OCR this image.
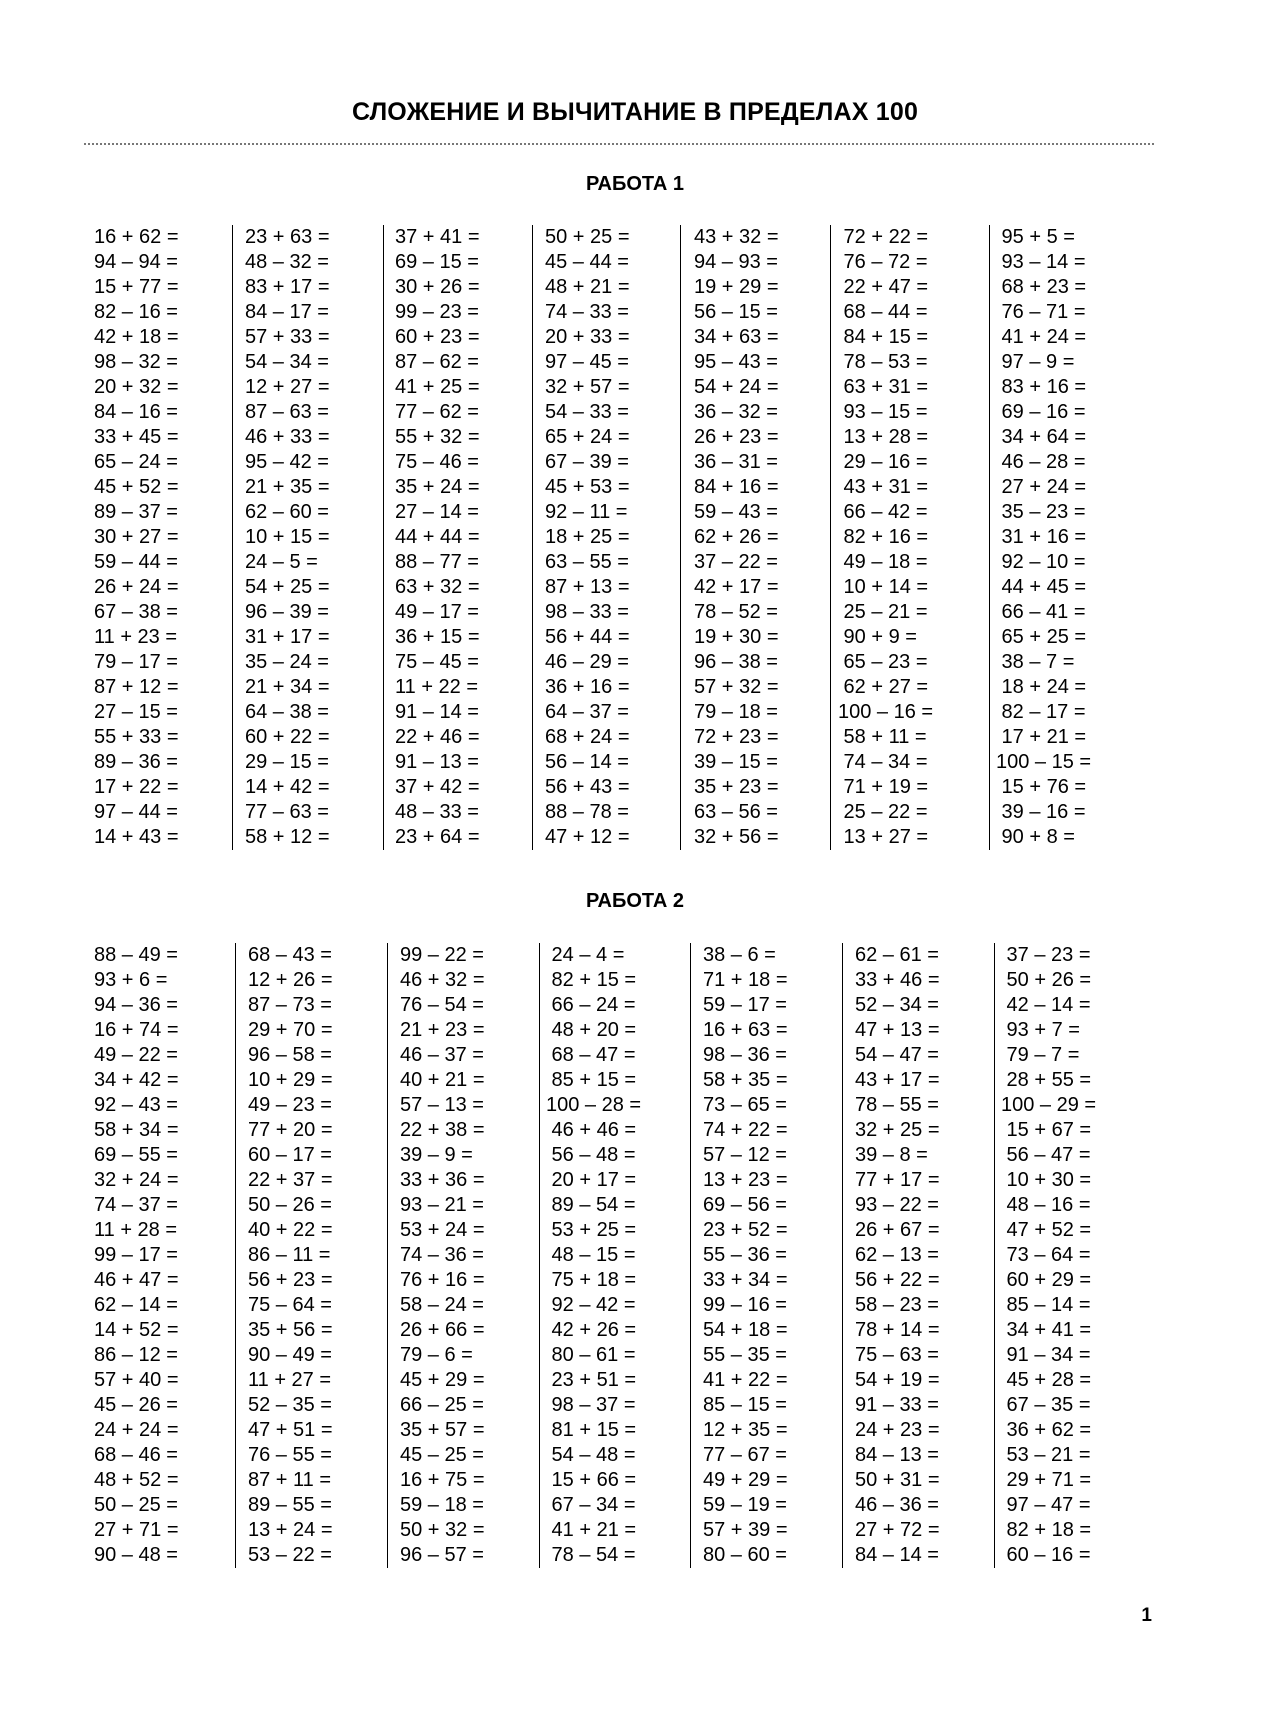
СЛОЖЕНИЕ И ВЫЧИТАНИЕ В ПРЕДЕЛАХ 100
РАБОТА 1
16 + 62 =
94 – 94 =
15 + 77 =
82 – 16 =
42 + 18 =
98 – 32 =
20 + 32 =
84 – 16 =
33 + 45 =
65 – 24 =
45 + 52 =
89 – 37 =
30 + 27 =
59 – 44 =
26 + 24 =
67 – 38 =
11 + 23 =
79 – 17 =
87 + 12 =
27 – 15 =
55 + 33 =
89 – 36 =
17 + 22 =
97 – 44 =
14 + 43 =
23 + 63 =
48 – 32 =
83 + 17 =
84 – 17 =
57 + 33 =
54 – 34 =
12 + 27 =
87 – 63 =
46 + 33 =
95 – 42 =
21 + 35 =
62 – 60 =
10 + 15 =
24 – 5 =
54 + 25 =
96 – 39 =
31 + 17 =
35 – 24 =
21 + 34 =
64 – 38 =
60 + 22 =
29 – 15 =
14 + 42 =
77 – 63 =
58 + 12 =
37 + 41 =
69 – 15 =
30 + 26 =
99 – 23 =
60 + 23 =
87 – 62 =
41 + 25 =
77 – 62 =
55 + 32 =
75 – 46 =
35 + 24 =
27 – 14 =
44 + 44 =
88 – 77 =
63 + 32 =
49 – 17 =
36 + 15 =
75 – 45 =
11 + 22 =
91 – 14 =
22 + 46 =
91 – 13 =
37 + 42 =
48 – 33 =
23 + 64 =
50 + 25 =
45 – 44 =
48 + 21 =
74 – 33 =
20 + 33 =
97 – 45 =
32 + 57 =
54 – 33 =
65 + 24 =
67 – 39 =
45 + 53 =
92 – 11 =
18 + 25 =
63 – 55 =
87 + 13 =
98 – 33 =
56 + 44 =
46 – 29 =
36 + 16 =
64 – 37 =
68 + 24 =
56 – 14 =
56 + 43 =
88 – 78 =
47 + 12 =
43 + 32 =
94 – 93 =
19 + 29 =
56 – 15 =
34 + 63 =
95 – 43 =
54 + 24 =
36 – 32 =
26 + 23 =
36 – 31 =
84 + 16 =
59 – 43 =
62 + 26 =
37 – 22 =
42 + 17 =
78 – 52 =
19 + 30 =
96 – 38 =
57 + 32 =
79 – 18 =
72 + 23 =
39 – 15 =
35 + 23 =
63 – 56 =
32 + 56 =
72 + 22 =
76 – 72 =
22 + 47 =
68 – 44 =
84 + 15 =
78 – 53 =
63 + 31 =
93 – 15 =
13 + 28 =
29 – 16 =
43 + 31 =
66 – 42 =
82 + 16 =
49 – 18 =
10 + 14 =
25 – 21 =
90 + 9 =
65 – 23 =
62 + 27 =
100 – 16 =
58 + 11 =
74 – 34 =
71 + 19 =
25 – 22 =
13 + 27 =
95 + 5 =
93 – 14 =
68 + 23 =
76 – 71 =
41 + 24 =
97 – 9 =
83 + 16 =
69 – 16 =
34 + 64 =
46 – 28 =
27 + 24 =
35 – 23 =
31 + 16 =
92 – 10 =
44 + 45 =
66 – 41 =
65 + 25 =
38 – 7 =
18 + 24 =
82 – 17 =
17 + 21 =
100 – 15 =
15 + 76 =
39 – 16 =
90 + 8 =
РАБОТА 2
88 – 49 =
93 + 6 =
94 – 36 =
16 + 74 =
49 – 22 =
34 + 42 =
92 – 43 =
58 + 34 =
69 – 55 =
32 + 24 =
74 – 37 =
11 + 28 =
99 – 17 =
46 + 47 =
62 – 14 =
14 + 52 =
86 – 12 =
57 + 40 =
45 – 26 =
24 + 24 =
68 – 46 =
48 + 52 =
50 – 25 =
27 + 71 =
90 – 48 =
68 – 43 =
12 + 26 =
87 – 73 =
29 + 70 =
96 – 58 =
10 + 29 =
49 – 23 =
77 + 20 =
60 – 17 =
22 + 37 =
50 – 26 =
40 + 22 =
86 – 11 =
56 + 23 =
75 – 64 =
35 + 56 =
90 – 49 =
11 + 27 =
52 – 35 =
47 + 51 =
76 – 55 =
87 + 11 =
89 – 55 =
13 + 24 =
53 – 22 =
99 – 22 =
46 + 32 =
76 – 54 =
21 + 23 =
46 – 37 =
40 + 21 =
57 – 13 =
22 + 38 =
39 – 9 =
33 + 36 =
93 – 21 =
53 + 24 =
74 – 36 =
76 + 16 =
58 – 24 =
26 + 66 =
79 – 6 =
45 + 29 =
66 – 25 =
35 + 57 =
45 – 25 =
16 + 75 =
59 – 18 =
50 + 32 =
96 – 57 =
24 – 4 =
82 + 15 =
66 – 24 =
48 + 20 =
68 – 47 =
85 + 15 =
100 – 28 =
46 + 46 =
56 – 48 =
20 + 17 =
89 – 54 =
53 + 25 =
48 – 15 =
75 + 18 =
92 – 42 =
42 + 26 =
80 – 61 =
23 + 51 =
98 – 37 =
81 + 15 =
54 – 48 =
15 + 66 =
67 – 34 =
41 + 21 =
78 – 54 =
38 – 6 =
71 + 18 =
59 – 17 =
16 + 63 =
98 – 36 =
58 + 35 =
73 – 65 =
74 + 22 =
57 – 12 =
13 + 23 =
69 – 56 =
23 + 52 =
55 – 36 =
33 + 34 =
99 – 16 =
54 + 18 =
55 – 35 =
41 + 22 =
85 – 15 =
12 + 35 =
77 – 67 =
49 + 29 =
59 – 19 =
57 + 39 =
80 – 60 =
62 – 61 =
33 + 46 =
52 – 34 =
47 + 13 =
54 – 47 =
43 + 17 =
78 – 55 =
32 + 25 =
39 – 8 =
77 + 17 =
93 – 22 =
26 + 67 =
62 – 13 =
56 + 22 =
58 – 23 =
78 + 14 =
75 – 63 =
54 + 19 =
91 – 33 =
24 + 23 =
84 – 13 =
50 + 31 =
46 – 36 =
27 + 72 =
84 – 14 =
37 – 23 =
50 + 26 =
42 – 14 =
93 + 7 =
79 – 7 =
28 + 55 =
100 – 29 =
15 + 67 =
56 – 47 =
10 + 30 =
48 – 16 =
47 + 52 =
73 – 64 =
60 + 29 =
85 – 14 =
34 + 41 =
91 – 34 =
45 + 28 =
67 – 35 =
36 + 62 =
53 – 21 =
29 + 71 =
97 – 47 =
82 + 18 =
60 – 16 =

1
